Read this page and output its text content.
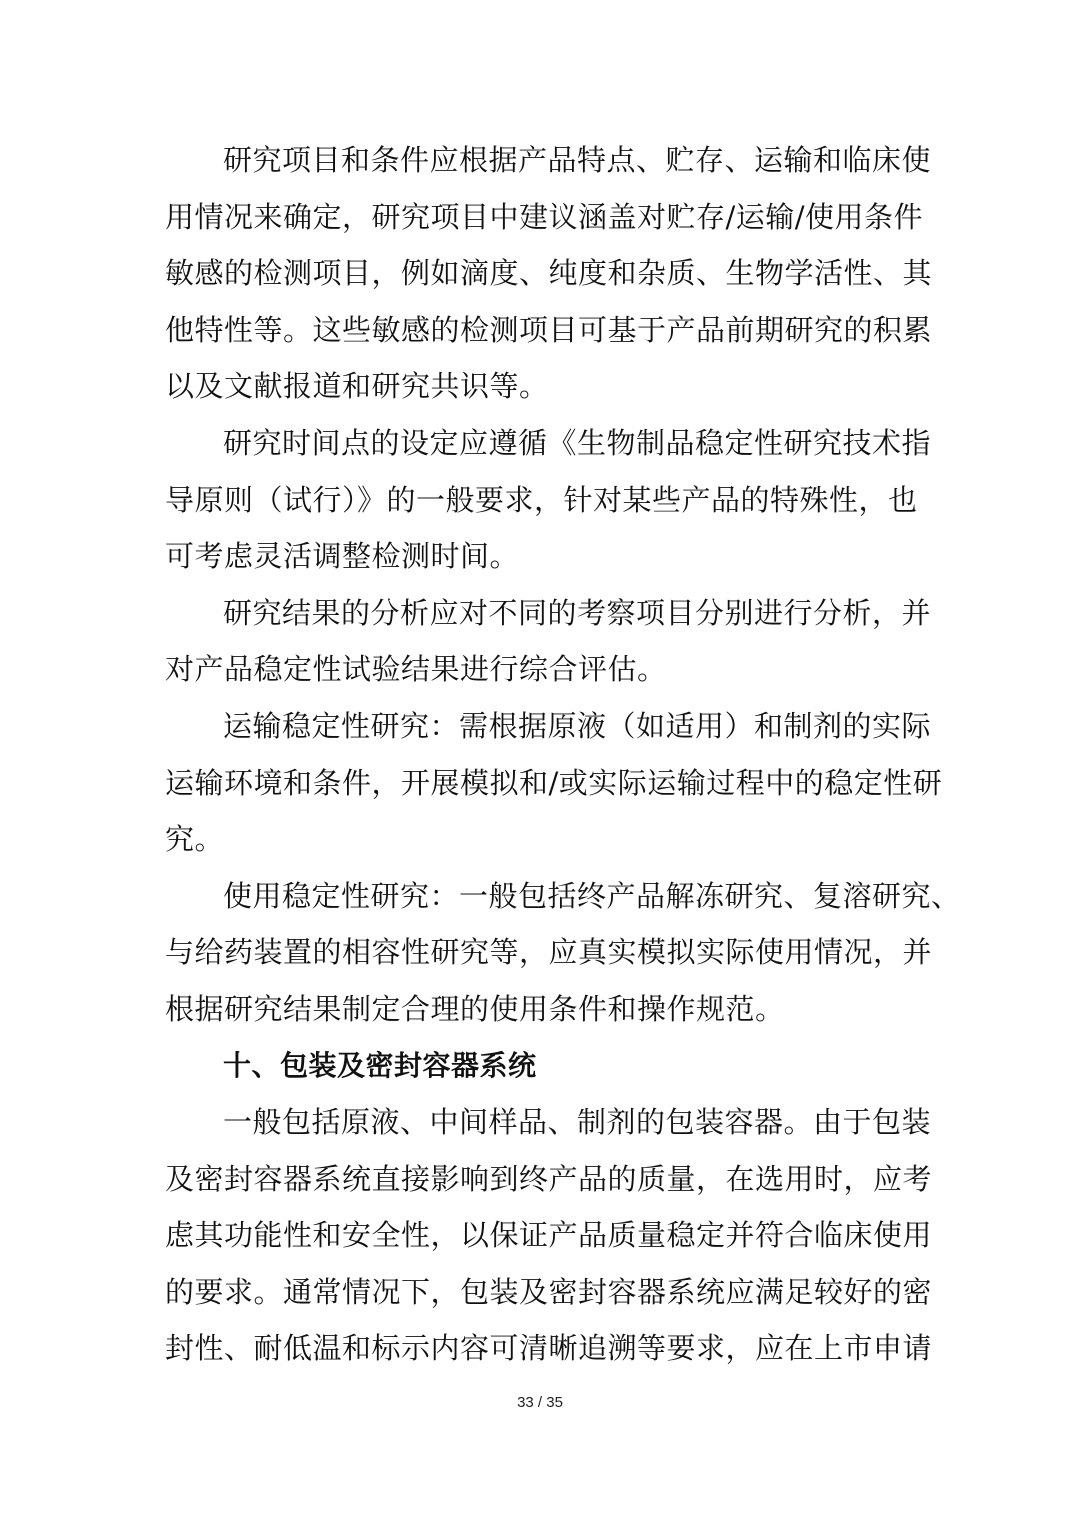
研究项目和条件应根据产品特点、贮存、运输和临床使
用情况来确定，研究项目中建议涵盖对贮存/运输/使用条件
敏感的检测项目，例如滴度、纯度和杂质、生物学活性、其
他特性等。这些敏感的检测项目可基于产品前期研究的积累
以及文献报道和研究共识等。
研究时间点的设定应遵循《生物制品稳定性研究技术指
导原则（试行）》的一般要求，针对某些产品的特殊性，也
可考虑灵活调整检测时间。
研究结果的分析应对不同的考察项目分别进行分析，并
对产品稳定性试验结果进行综合评估。
运输稳定性研究：需根据原液（如适用）和制剂的实际
运输环境和条件，开展模拟和/或实际运输过程中的稳定性研
究。
使用稳定性研究：一般包括终产品解冻研究、复溶研究、
与给药装置的相容性研究等，应真实模拟实际使用情况，并
根据研究结果制定合理的使用条件和操作规范。
十、包装及密封容器系统
一般包括原液、中间样品、制剂的包装容器。由于包装
及密封容器系统直接影响到终产品的质量，在选用时，应考
虑其功能性和安全性，以保证产品质量稳定并符合临床使用
的要求。通常情况下，包装及密封容器系统应满足较好的密
封性、耐低温和标示内容可清晰追溯等要求，应在上市申请
33 / 35
